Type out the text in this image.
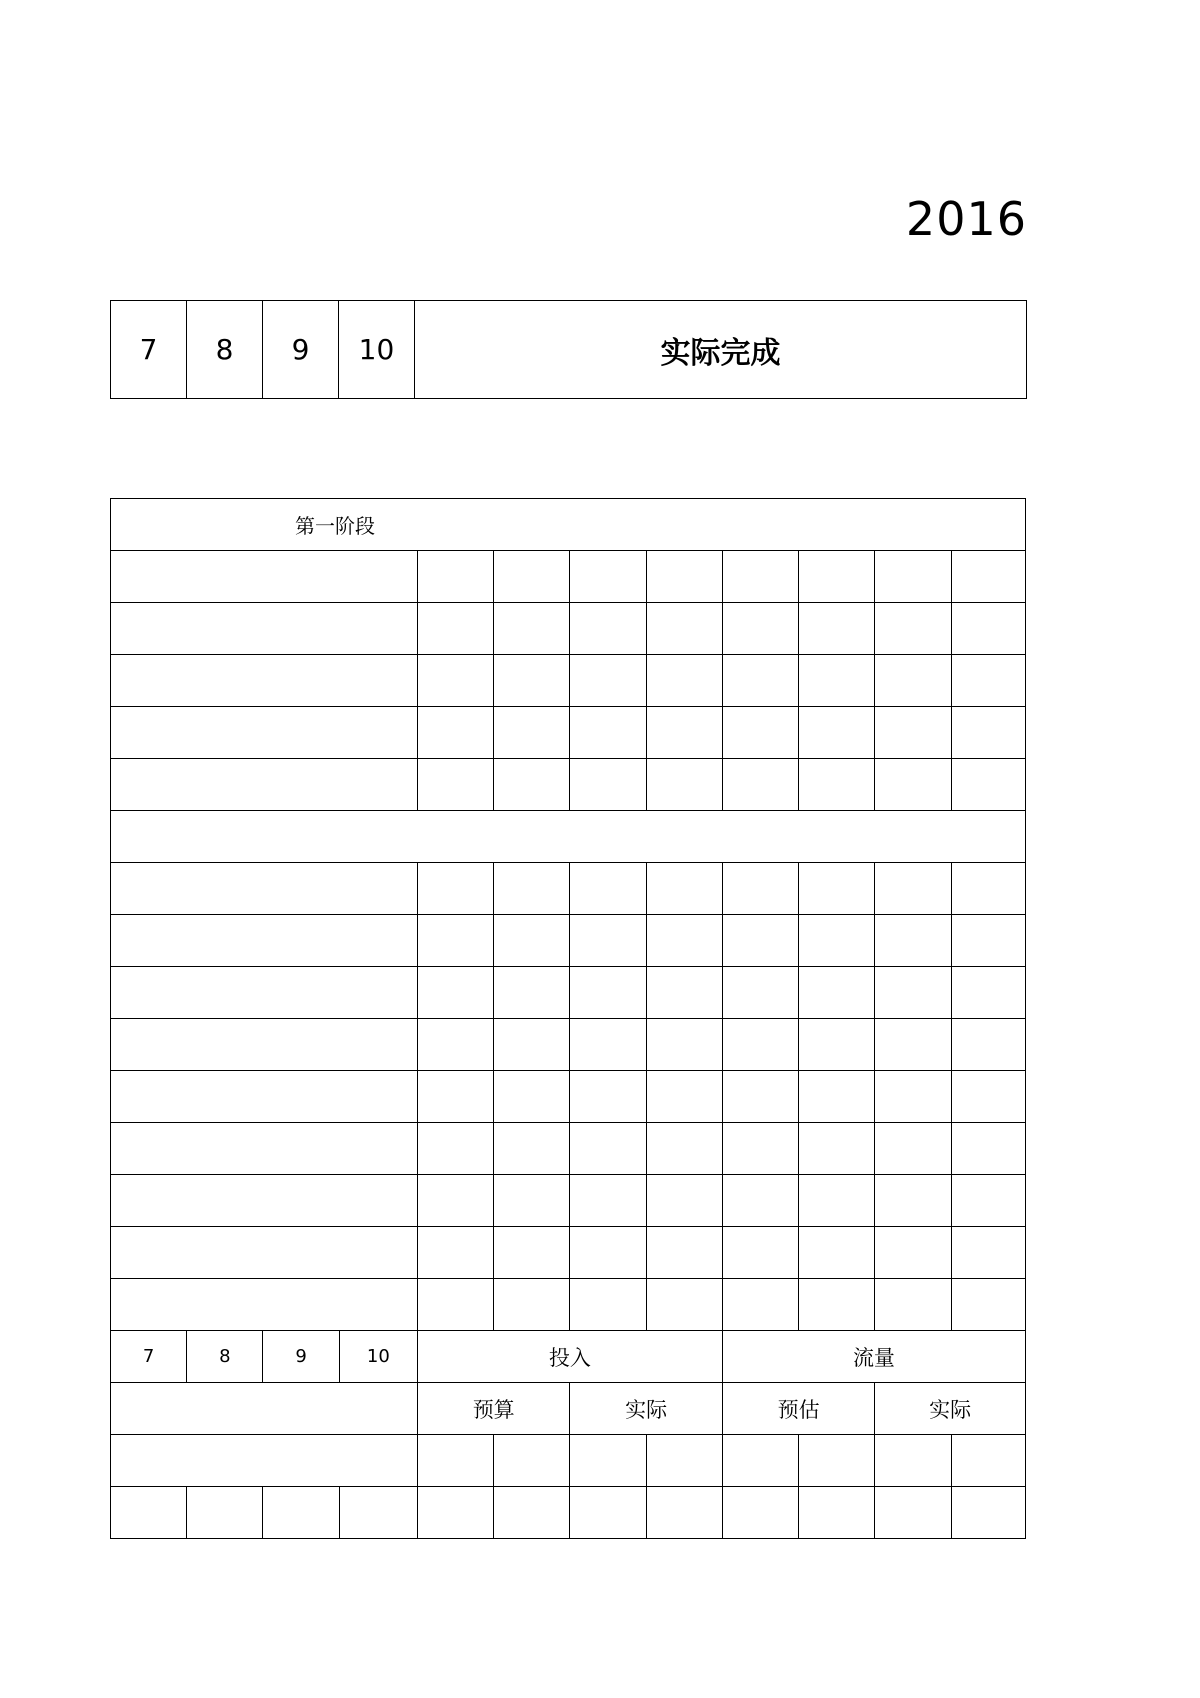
2016
7	8	9	10	实际完成
第一阶段											

7	8	9	10	投入				流量			
				预算		实际		预估		实际	
